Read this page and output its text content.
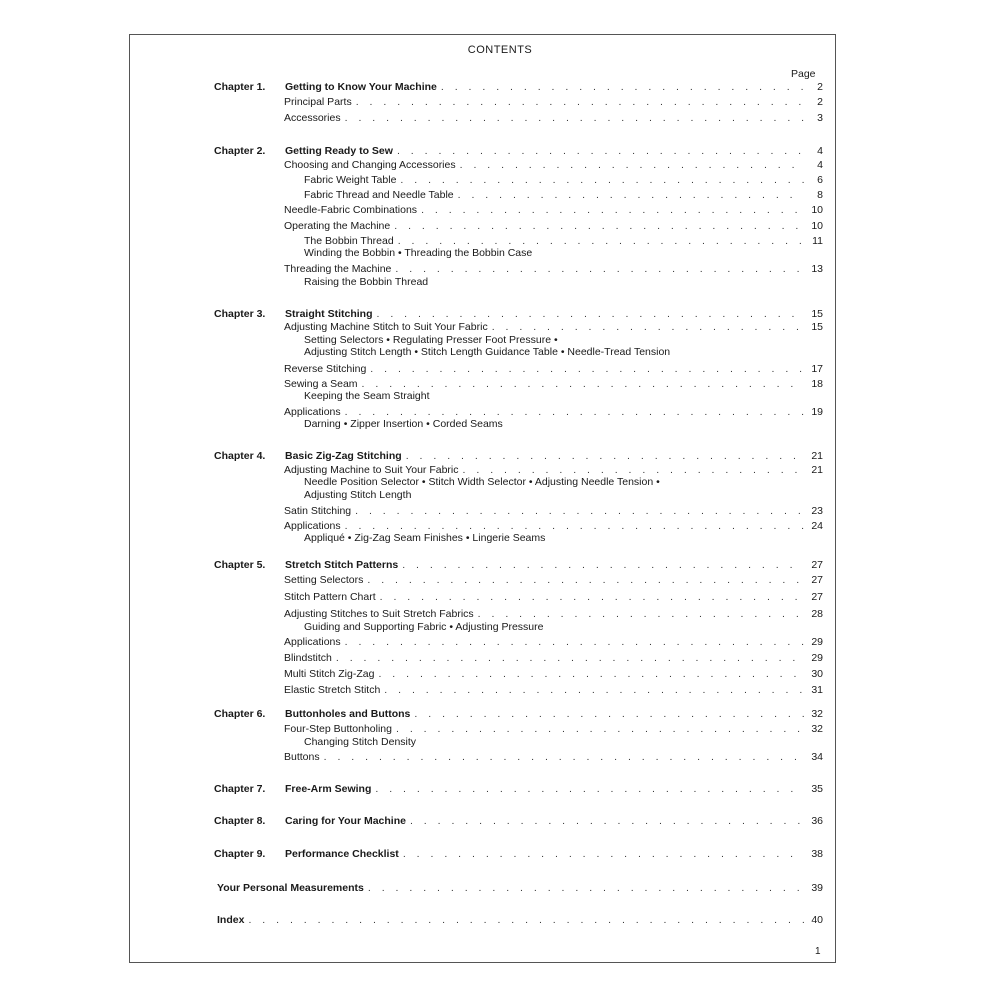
CONTENTS
Page
1
Chapter 1. Getting to Know Your Machine . . .	2
Principal Parts . . .	2
Accessories . . .	3
Chapter 2. Getting Ready to Sew . . .	4
Choosing and Changing Accessories . . .	4
Fabric Weight Table . . .	6
Fabric Thread and Needle Table . . .	8
Needle-Fabric Combinations . . .	10
Operating the Machine . . .	10
The Bobbin Thread . . .	11
Winding the Bobbin • Threading the Bobbin Case
Threading the Machine . . .	13
Raising the Bobbin Thread
Chapter 3. Straight Stitching . . .	15
Adjusting Machine Stitch to Suit Your Fabric . . .	15
Setting Selectors • Regulating Presser Foot Pressure •
Adjusting Stitch Length • Stitch Length Guidance Table • Needle-Tread Tension
Reverse Stitching . . .	17
Sewing a Seam . . .	18
Keeping the Seam Straight
Applications . . .	19
Darning • Zipper Insertion • Corded Seams
Chapter 4. Basic Zig-Zag Stitching . . .	21
Adjusting Machine to Suit Your Fabric . . .	21
Needle Position Selector • Stitch Width Selector • Adjusting Needle Tension •
Adjusting Stitch Length
Satin Stitching . . .	23
Applications . . .	24
Appliqué • Zig-Zag Seam Finishes • Lingerie Seams
Chapter 5. Stretch Stitch Patterns . . .	27
Setting Selectors . . .	27
Stitch Pattern Chart . . .	27
Adjusting Stitches to Suit Stretch Fabrics . . .	28
Guiding and Supporting Fabric • Adjusting Pressure
Applications . . .	29
Blindstitch . . .	29
Multi Stitch Zig-Zag . . .	30
Elastic Stretch Stitch . . .	31
Chapter 6. Buttonholes and Buttons . . .	32
Four-Step Buttonholing . . .	32
Changing Stitch Density
Buttons . . .	34
Chapter 7. Free-Arm Sewing . . .	35
Chapter 8. Caring for Your Machine . . .	36
Chapter 9. Performance Checklist . . .	38
Your Personal Measurements . . .	39
Index . . .	40
